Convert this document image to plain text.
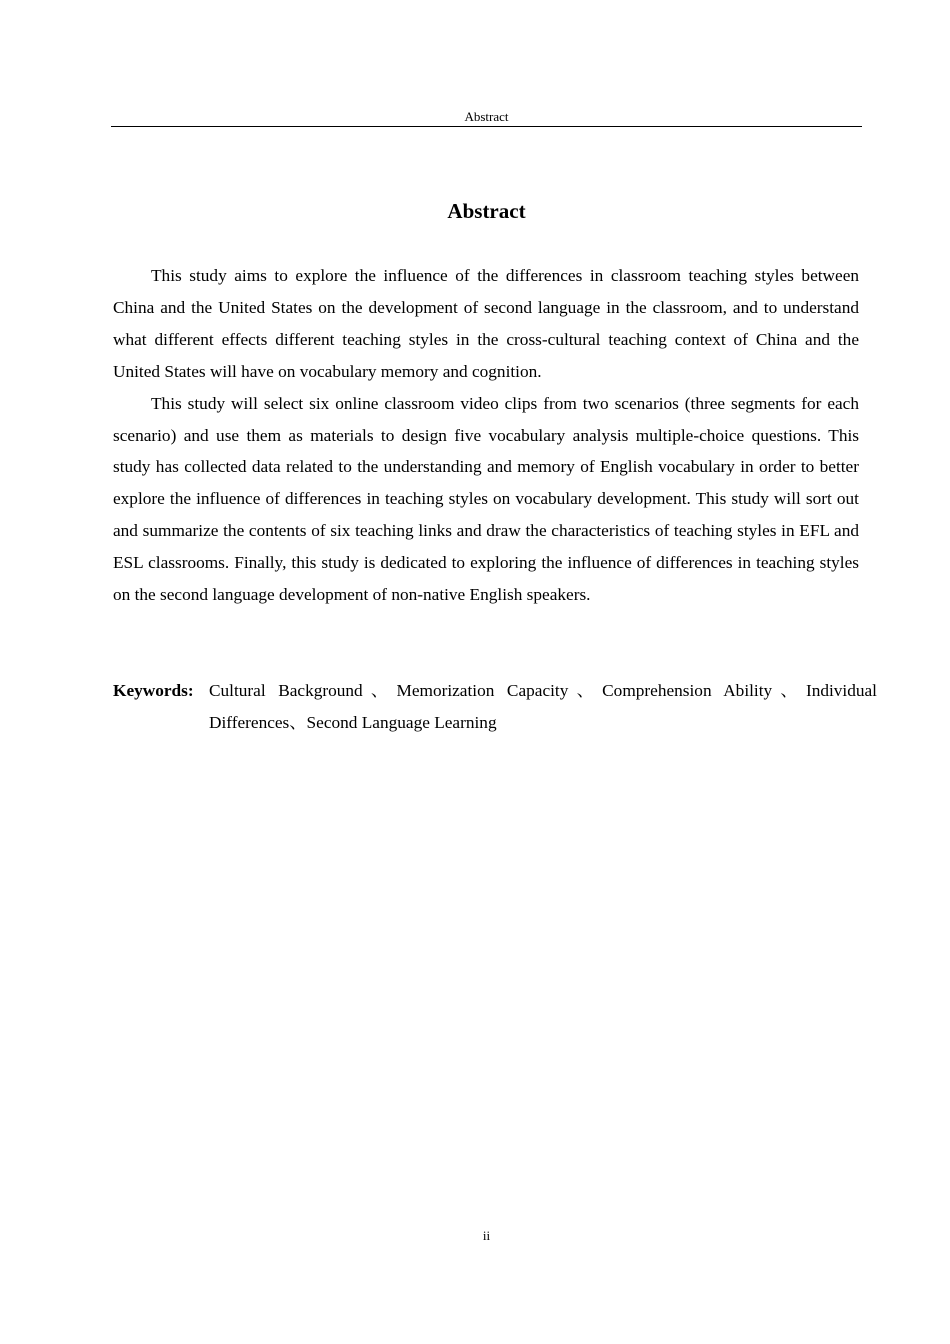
Abstract
Abstract

This study aims to explore the influence of the differences in classroom teaching styles between China and the United States on the development of second language in the classroom, and to understand what different effects different teaching styles in the cross-cultural teaching context of China and the United States will have on vocabulary memory and cognition.

This study will select six online classroom video clips from two scenarios (three segments for each scenario) and use them as materials to design five vocabulary analysis multiple-choice questions. This study has collected data related to the understanding and memory of English vocabulary in order to better explore the influence of differences in teaching styles on vocabulary development. This study will sort out and summarize the contents of six teaching links and draw the characteristics of teaching styles in EFL and ESL classrooms. Finally, this study is dedicated to exploring the influence of differences in teaching styles on the second language development of non-native English speakers.

Keywords: Cultural Background、Memorization Capacity、Comprehension Ability、Individual Differences、Second Language Learning
ii
